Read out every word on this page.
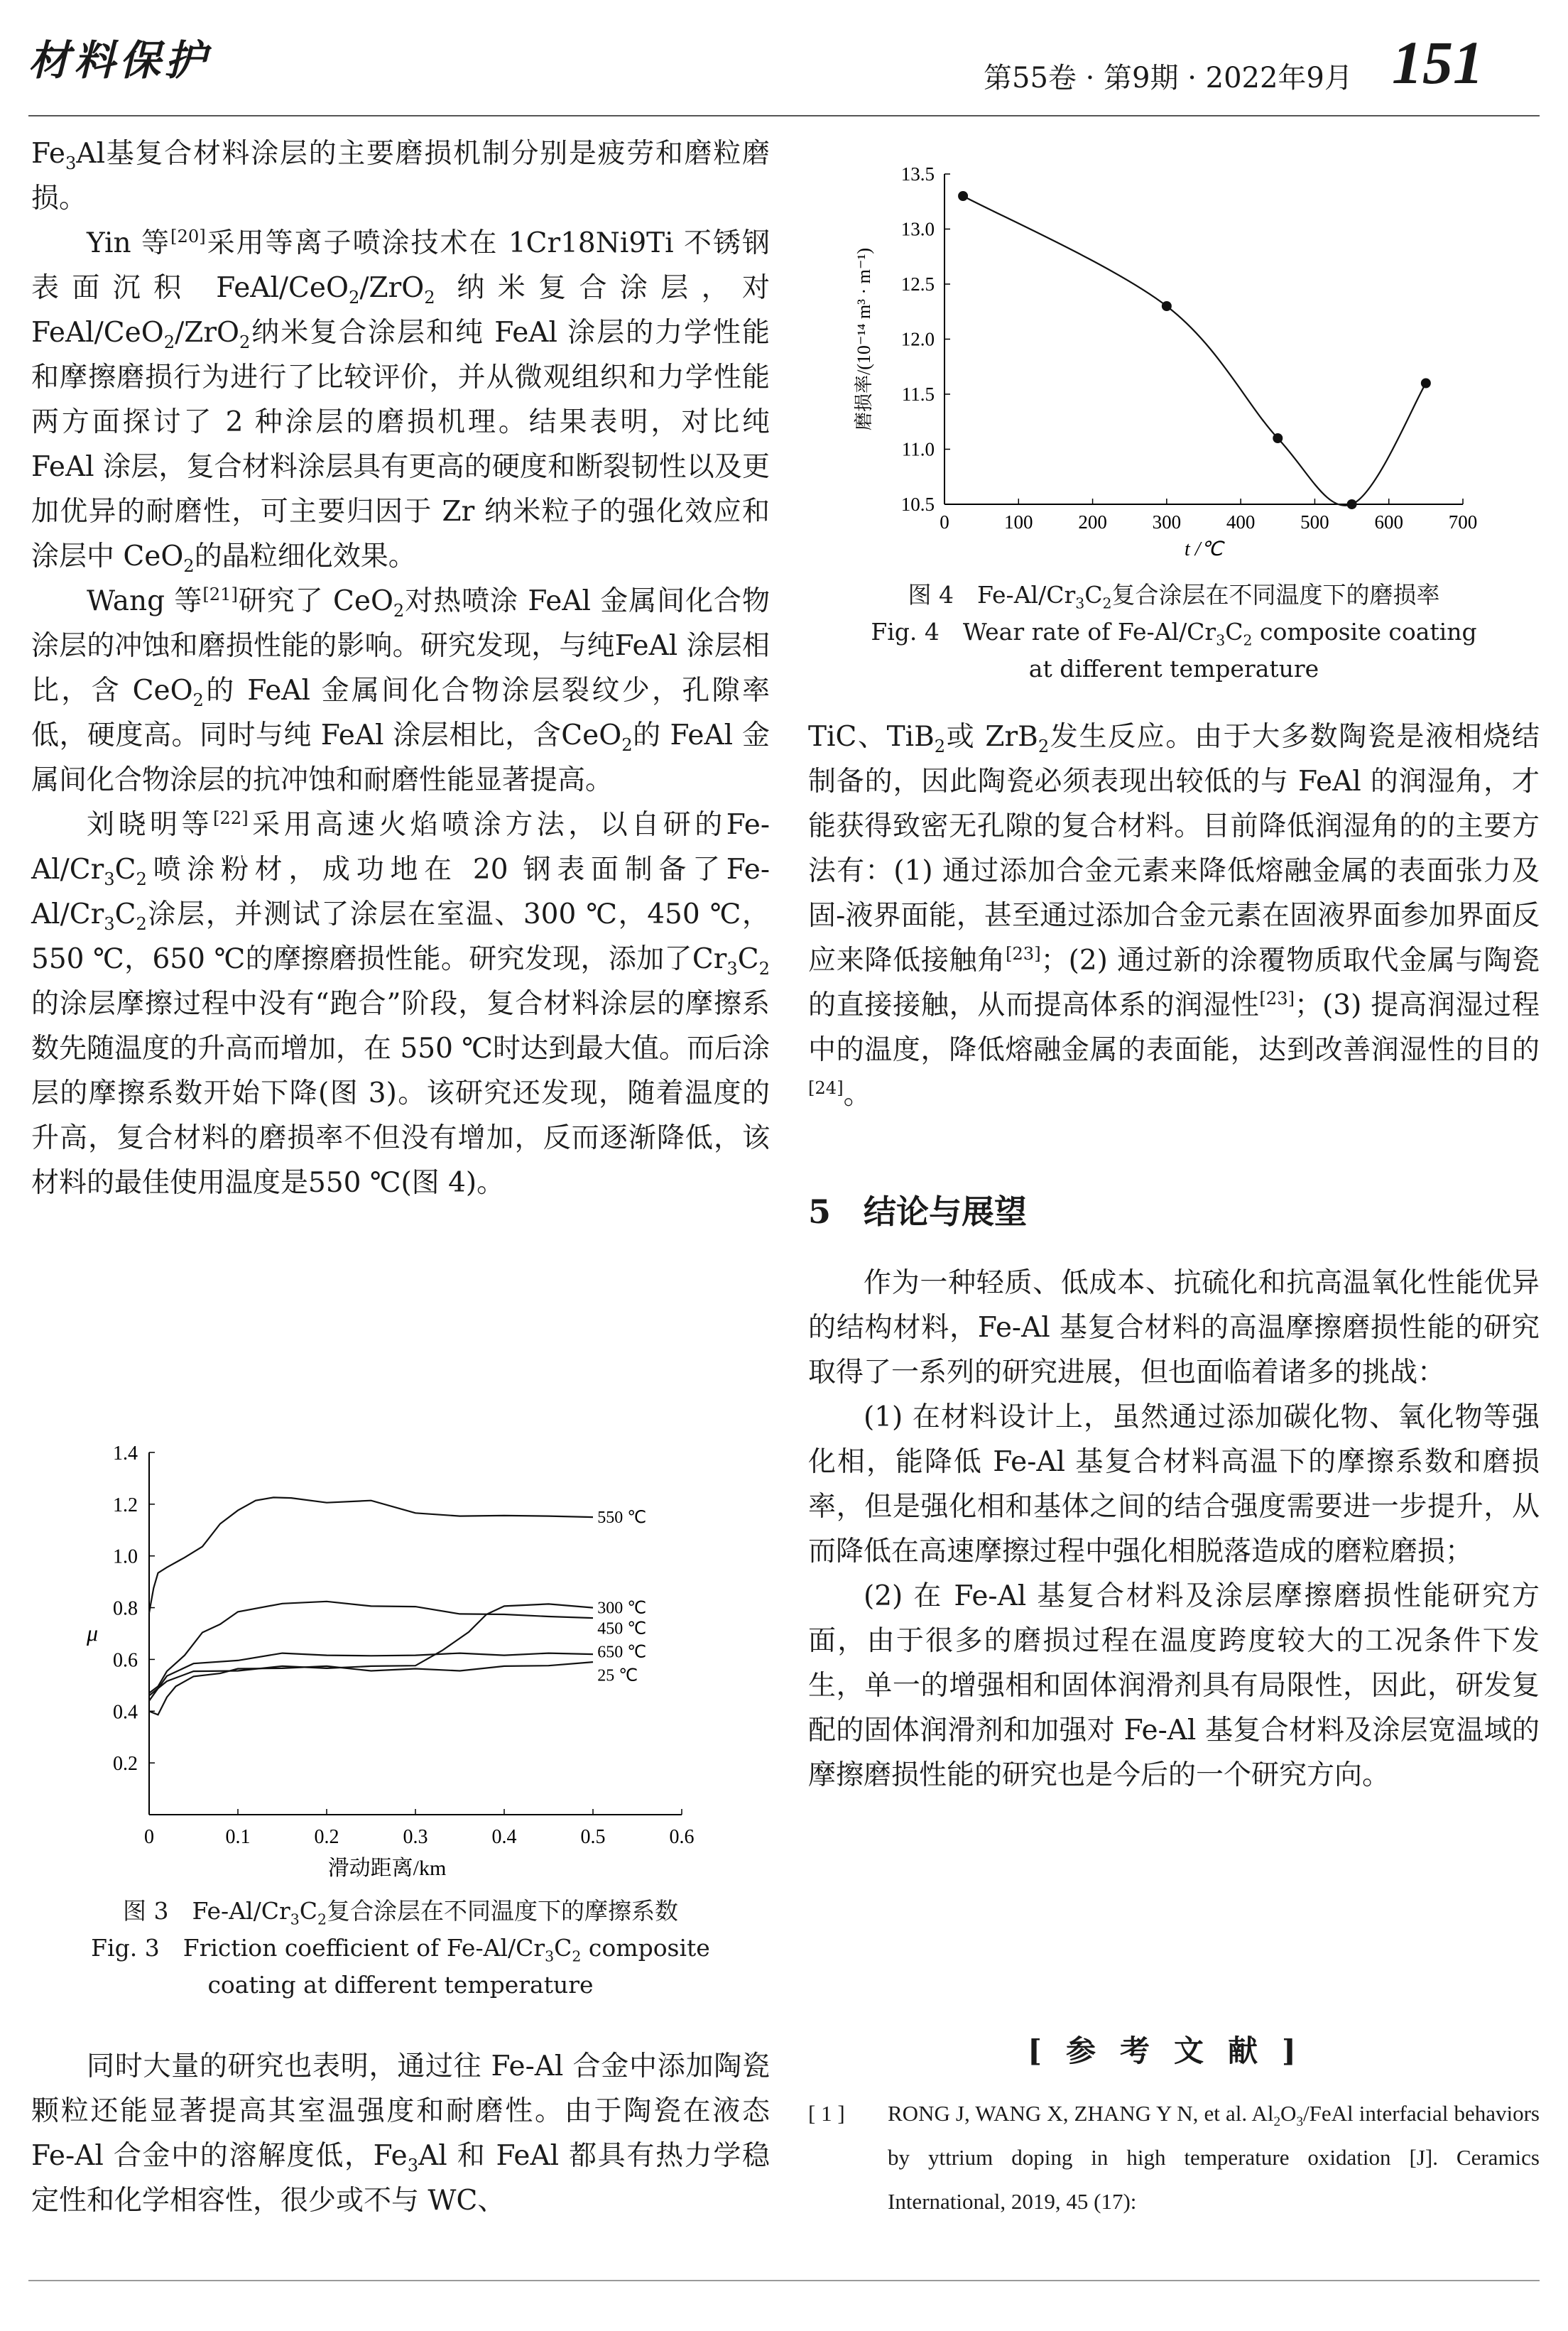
材料保护	第55卷 · 第9期 · 2022年9月 151

$Fe_3Al$基复合材料涂层的主要磨损机制分别是疲劳和磨粒磨损。

Yin 等[20]采用等离子喷涂技术在 1Cr18Ni9Ti 不锈钢表面沉积 FeAl/CeO$_2$/ZrO$_2$ 纳米复合涂层，对FeAl/CeO$_2$/ZrO$_2$纳米复合涂层和纯 FeAl 涂层的力学性能和摩擦磨损行为进行了比较评价，并从微观组织和力学性能两方面探讨了 2 种涂层的磨损机理。结果表明，对比纯 FeAl 涂层，复合材料涂层具有更高的硬度和断裂韧性以及更加优异的耐磨性，可主要归因于 Zr 纳米粒子的强化效应和涂层中 CeO$_2$的晶粒细化效果。

Wang 等[21]研究了 CeO$_2$对热喷涂 FeAl 金属间化合物涂层的冲蚀和磨损性能的影响。研究发现，与纯FeAl 涂层相比，含 CeO$_2$的 FeAl 金属间化合物涂层裂纹少，孔隙率低，硬度高。同时与纯 FeAl 涂层相比，含CeO$_2$的 FeAl 金属间化合物涂层的抗冲蚀和耐磨性能显著提高。

刘晓明等[22]采用高速火焰喷涂方法，以自研的$Fe-Al/Cr_3C_2$喷涂粉材，成功地在 20 钢表面制备了$Fe-Al/Cr_3C_2$涂层，并测试了涂层在室温、300 ℃，450 ℃，550 ℃，650 ℃的摩擦磨损性能。研究发现，添加了$Cr_3C_2$的涂层摩擦过程中没有“跑合”阶段，复合材料涂层的摩擦系数先随温度的升高而增加，在 550 ℃时达到最大值。而后涂层的摩擦系数开始下降(图 3)。该研究还发现，随着温度的升高，复合材料的磨损率不但没有增加，反而逐渐降低，该材料的最佳使用温度是550 ℃(图 4)。

0	0.1	0.2	0.3	0.4	0.5	0.6
0.2
0.4
0.6
0.8
1.0
1.2
1.4
滑动距离/km
μ
550 ℃
300 ℃
450 ℃
650 ℃
25 ℃
图 3　$Fe-Al/Cr_3C_2$复合涂层在不同温度下的摩擦系数
Fig. 3　Friction coefficient of $Fe-Al/Cr_3C_2$ composite
coating at different temperature

同时大量的研究也表明，通过往 Fe-Al 合金中添加陶瓷颗粒还能显著提高其室温强度和耐磨性。由于陶瓷在液态 Fe-Al 合金中的溶解度低，$Fe_3Al$ 和 FeAl 都具有热力学稳定性和化学相容性，很少或不与 WC、

0	100 200 300 400 500 600 700
10.5
11.0
11.5
12.0
12.5
13.0
13.5
t /℃
磨损率/(10⁻¹⁴ m³ · m⁻¹)
图 4　$Fe-Al/Cr_3C_2$复合涂层在不同温度下的磨损率
Fig. 4　Wear rate of $Fe-Al/Cr_3C_2$ composite coating
at different temperature

TiC、TiB$_2$或 ZrB$_2$发生反应。由于大多数陶瓷是液相烧结制备的，因此陶瓷必须表现出较低的与 FeAl 的润湿角，才能获得致密无孔隙的复合材料。目前降低润湿角的的主要方法有：(1) 通过添加合金元素来降低熔融金属的表面张力及固-液界面能，甚至通过添加合金元素在固液界面参加界面反应来降低接触角[23]；(2) 通过新的涂覆物质取代金属与陶瓷的直接接触，从而提高体系的润湿性[23]；(3) 提高润湿过程中的温度，降低熔融金属的表面能，达到改善润湿性的目的[24]。

5　结论与展望

作为一种轻质、低成本、抗硫化和抗高温氧化性能优异的结构材料，Fe-Al 基复合材料的高温摩擦磨损性能的研究取得了一系列的研究进展，但也面临着诸多的挑战：

(1) 在材料设计上，虽然通过添加碳化物、氧化物等强化相，能降低 Fe-Al 基复合材料高温下的摩擦系数和磨损率，但是强化相和基体之间的结合强度需要进一步提升，从而降低在高速摩擦过程中强化相脱落造成的磨粒磨损；

(2) 在 Fe-Al 基复合材料及涂层摩擦磨损性能研究方面，由于很多的磨损过程在温度跨度较大的工况条件下发生，单一的增强相和固体润滑剂具有局限性，因此，研发复配的固体润滑剂和加强对 Fe-Al 基复合材料及涂层宽温域的摩擦磨损性能的研究也是今后的一个研究方向。

[参考文献]
[ 1 ] RONG J, WANG X, ZHANG Y N, et al. $Al_2O_3$/FeAl interfacial behaviors by yttrium doping in high temperature oxidation [J]. Ceramics International, 2019, 45 (17):
